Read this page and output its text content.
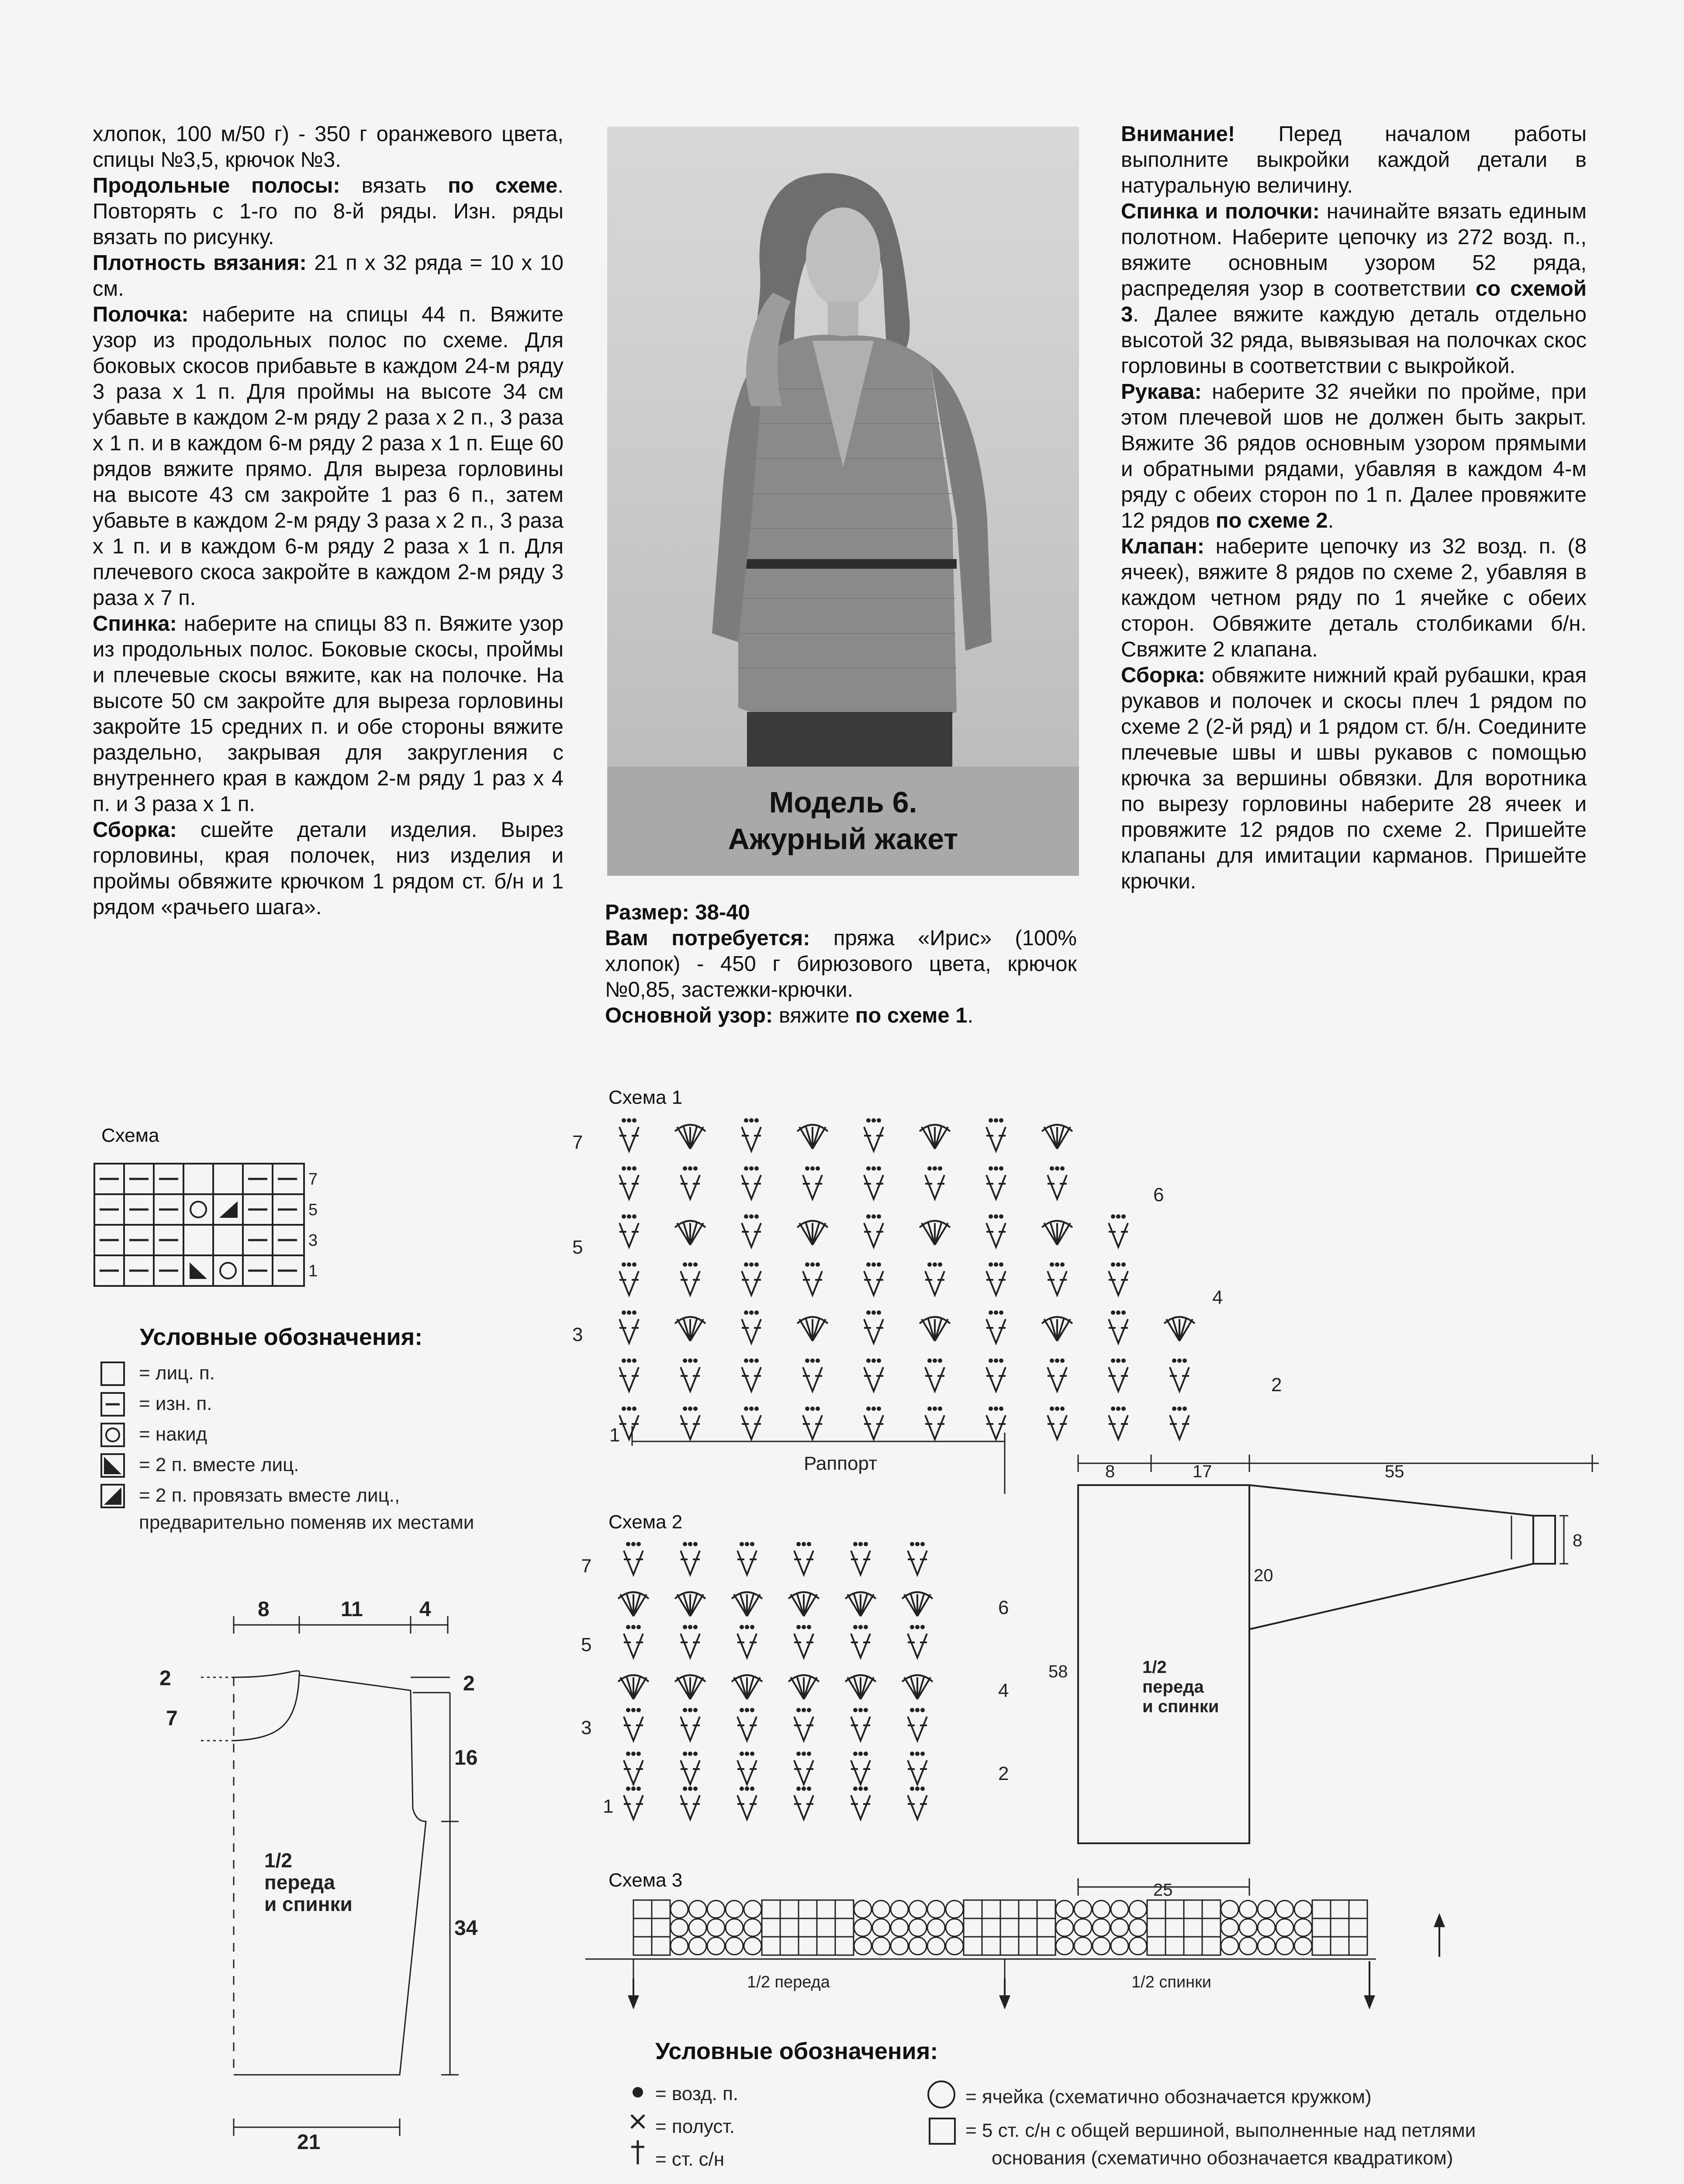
хлопок, 100 м/50 г) - 350 г оранжевого цвета, спицы №3,5, крючок №3.

Продольные полосы: вязать по схеме. Повторять с 1-го по 8-й ряды. Изн. ряды вязать по рисунку.

Плотность вязания: 21 п х 32 ряда = 10 х 10 см.

Полочка: наберите на спицы 44 п. Вяжите узор из продольных полос по схеме. Для боковых скосов прибавьте в каждом 24-м ряду 3 раза х 1 п. Для проймы на высоте 34 см убавьте в каждом 2-м ряду 2 раза х 2 п., 3 раза х 1 п. и в каждом 6-м ряду 2 раза х 1 п. Еще 60 рядов вяжите прямо. Для выреза горловины на высоте 43 см закройте 1 раз 6 п., затем убавьте в каждом 2-м ряду 3 раза х 2 п., 3 раза х 1 п. и в каждом 6-м ряду 2 раза х 1 п. Для плечевого скоса закройте в каждом 2-м ряду 3 раза х 7 п.

Спинка: наберите на спицы 83 п. Вяжите узор из продольных полос. Боковые скосы, проймы и плечевые скосы вяжите, как на полочке. На высоте 50 см закройте для выреза горловины закройте 15 средних п. и обе стороны вяжите раздельно, закрывая для закругления с внутреннего края в каждом 2-м ряду 1 раз х 4 п. и 3 раза х 1 п.

Сборка: сшейте детали изделия. Вырез горловины, края полочек, низ изделия и проймы обвяжите крючком 1 рядом ст. б/н и 1 рядом «рачьего шага».

Модель 6.
Ажурный жакет

Размер: 38-40

Вам потребуется: пряжа «Ирис» (100% хлопок) - 450 г бирюзового цвета, крючок №0,85, застежки-крючки.

Основной узор: вяжите по схеме 1.

Внимание! Перед началом работы выполните выкройки каждой детали в натуральную величину.

Спинка и полочки: начинайте вязать единым полотном. Наберите цепочку из 272 возд. п., вяжите основным узором 52 ряда, распределяя узор в соответствии со схемой 3. Далее вяжите каждую деталь отдельно высотой 32 ряда, вывязывая на полочках скос горловины в соответствии с выкройкой.

Рукава: наберите 32 ячейки по пройме, при этом плечевой шов не должен быть закрыт. Вяжите 36 рядов основным узором прямыми и обратными рядами, убавляя в каждом 4-м ряду с обеих сторон по 1 п. Далее провяжите 12 рядов по схеме 2.

Клапан: наберите цепочку из 32 возд. п. (8 ячеек), вяжите 8 рядов по схеме 2, убавляя в каждом четном ряду по 1 ячейке с обеих сторон. Обвяжите деталь столбиками б/н. Свяжите 2 клапана.

Сборка: обвяжите нижний край рубашки, края рукавов и полочек и скосы плеч 1 рядом по схеме 2 (2-й ряд) и 1 рядом ст. б/н. Соедините плечевые швы и швы рукавов с помощью крючка за вершины обвязки. Для воротника по вырезу горловины наберите 28 ячеек и провяжите 12 рядов по схеме 2. Пришейте клапаны для имитации карманов. Пришейте крючки.

Схема
7
5
3
1
Условные обозначения:
= лиц. п.
= изн. п.
= накид
= 2 п. вместе лиц.
= 2 п. провязать вместе лиц.,
предварительно поменяв их местами
8	11	4
2	2
7
16
34
21
1/2
переда
и спинки
Схема 1
7
5
3
1
6
4
2
Раппорт
Схема 2
7
5
3
1
6
4
2
8	17	55
8
20
58
25
1/2
переда
и спинки
Схема 3
1/2 переда	1/2 спинки
Условные обозначения:
= возд. п.
= полуст.
= ст. с/н
= ячейка (схематично обозначается кружком)
= 5 ст. с/н с общей вершиной, выполненные над петлями
основания (схематично обозначается квадратиком)
